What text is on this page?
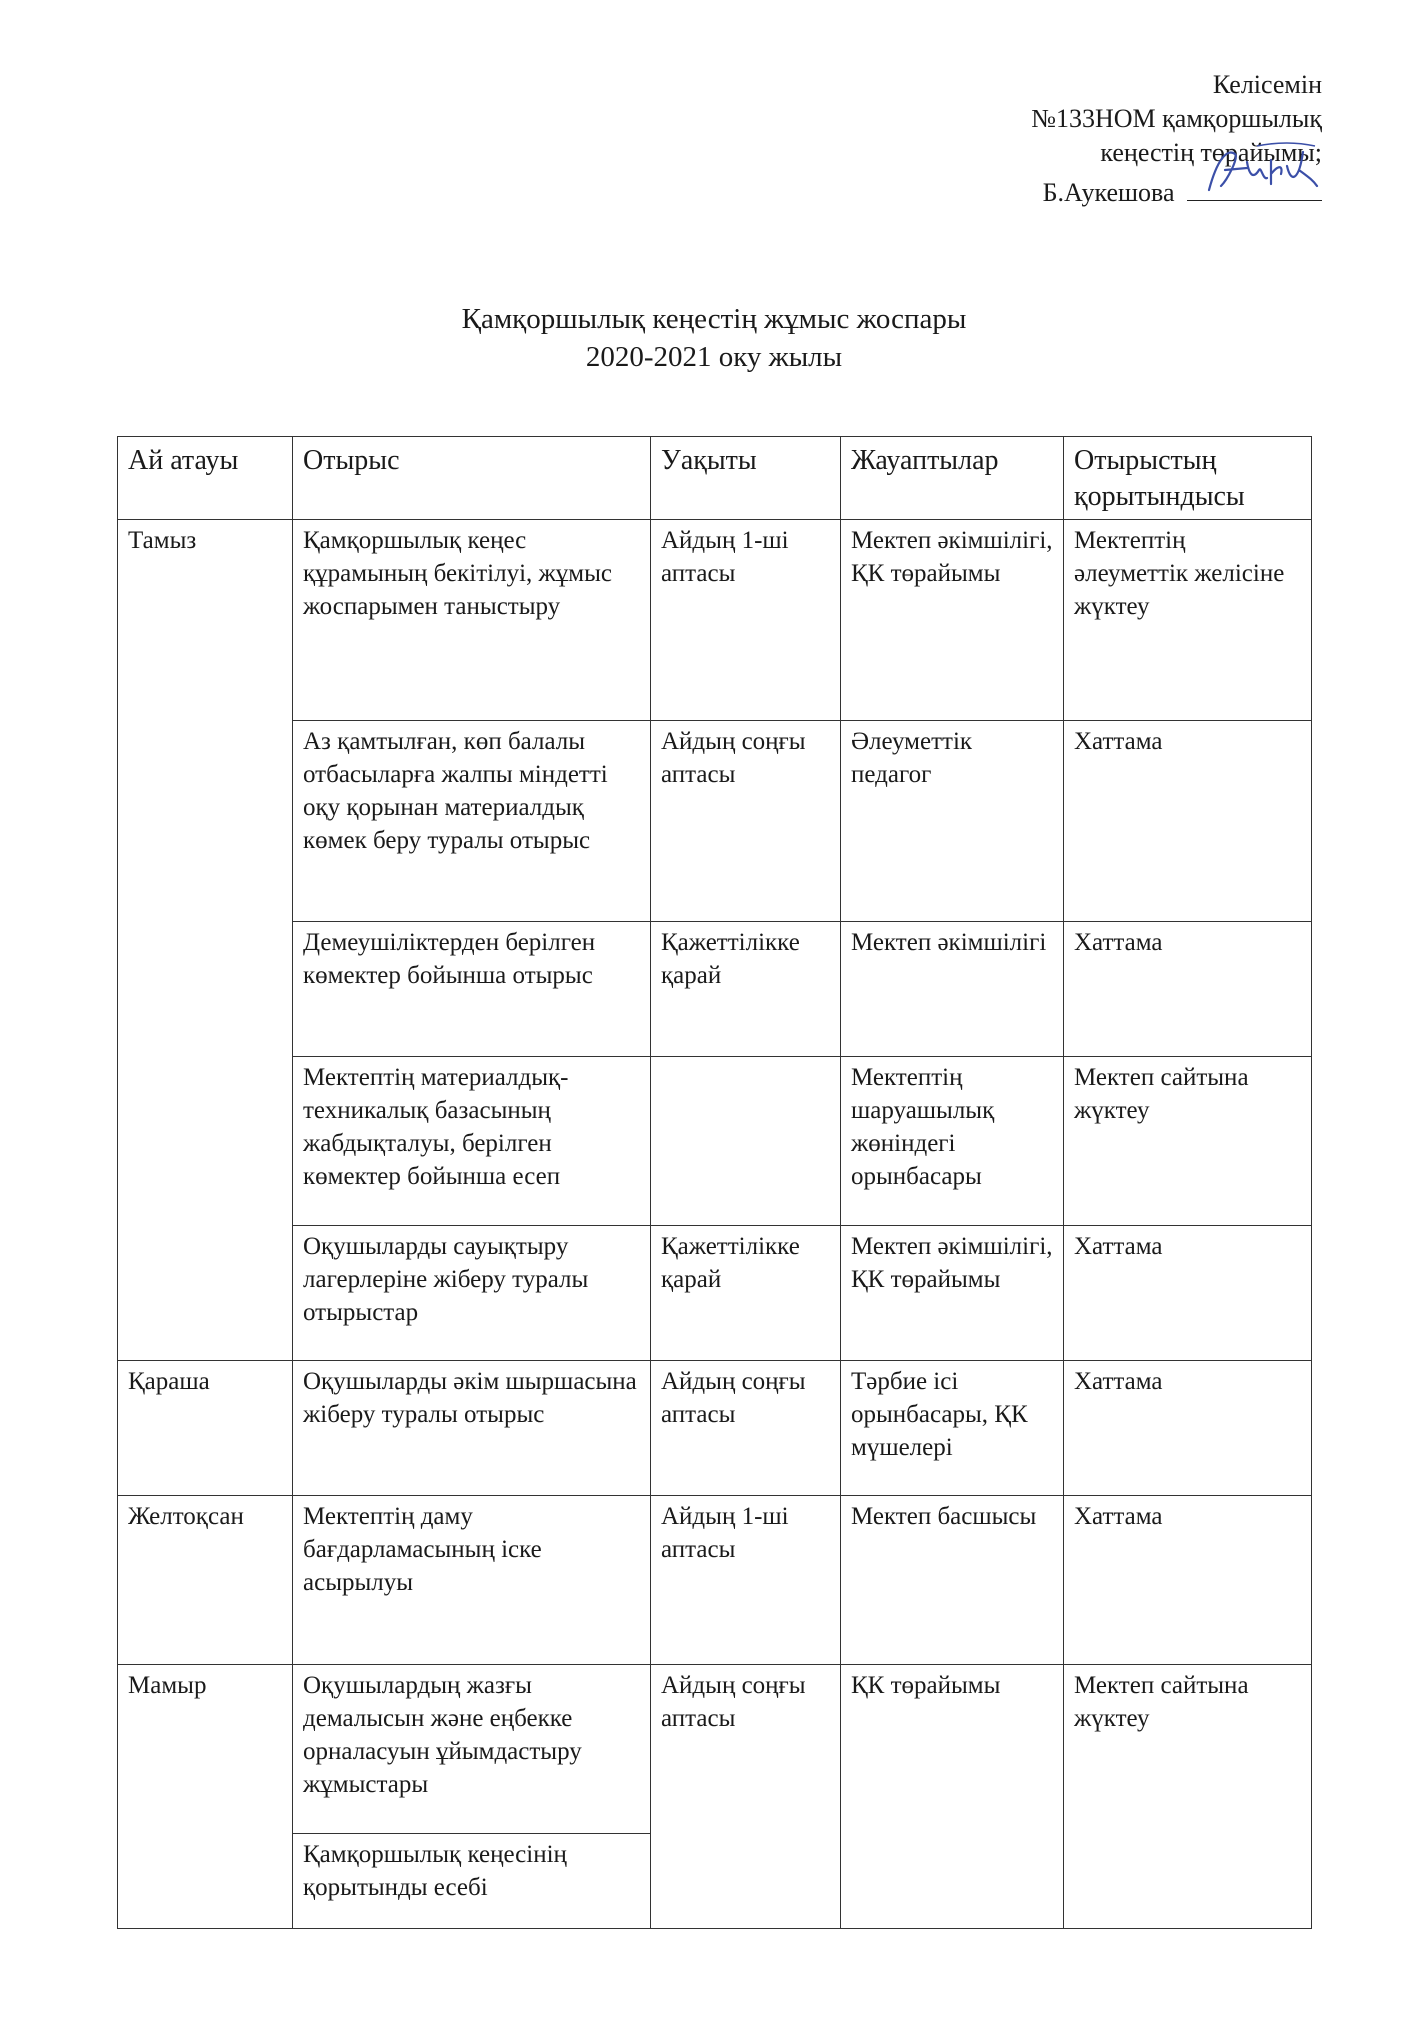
Келісемін
№133НОМ қамқоршылық
кеңестің төрайымы;
Б.Аукешова
Қамқоршылық кеңестің жұмыс жоспары
2020-2021 оку жылы
Ай атауы	Отырыс	Уақыты	Жауаптылар	Отырыстың қорытындысы
Тамыз	Қамқоршылық кеңес құрамының бекітілуі, жұмыс жоспарымен таныстыру	Айдың 1-ші аптасы	Мектеп әкімшілігі, ҚК төрайымы	Мектептің әлеуметтік желісіне жүктеу
	Аз қамтылған, көп балалы отбасыларға жалпы міндетті оқу қорынан материалдық көмек беру туралы отырыс	Айдың соңғы аптасы	Әлеуметтік педагог	Хаттама
	Демеушіліктерден берілген көмектер бойынша отырыс	Қажеттілікке қарай	Мектеп әкімшілігі	Хаттама
	Мектептің материалдық-техникалық базасының жабдықталуы, берілген көмектер бойынша есеп		Мектептің шаруашылық жөніндегі орынбасары	Мектеп сайтына жүктеу
	Оқушыларды сауықтыру лагерлеріне жіберу туралы отырыстар	Қажеттілікке қарай	Мектеп әкімшілігі, ҚК төрайымы	Хаттама
Қараша	Оқушыларды әкім шыршасына жіберу туралы отырыс	Айдың соңғы аптасы	Тәрбие ісі орынбасары, ҚК мүшелері	Хаттама
Желтоқсан	Мектептің даму бағдарламасының іске асырылуы	Айдың 1-ші аптасы	Мектеп басшысы	Хаттама
Мамыр	Оқушылардың жазғы демалысын және еңбекке орналасуын ұйымдастыру жұмыстары	Айдың соңғы аптасы	ҚК төрайымы	Мектеп сайтына жүктеу
	Қамқоршылық кеңесінің қорытынды есебі			
